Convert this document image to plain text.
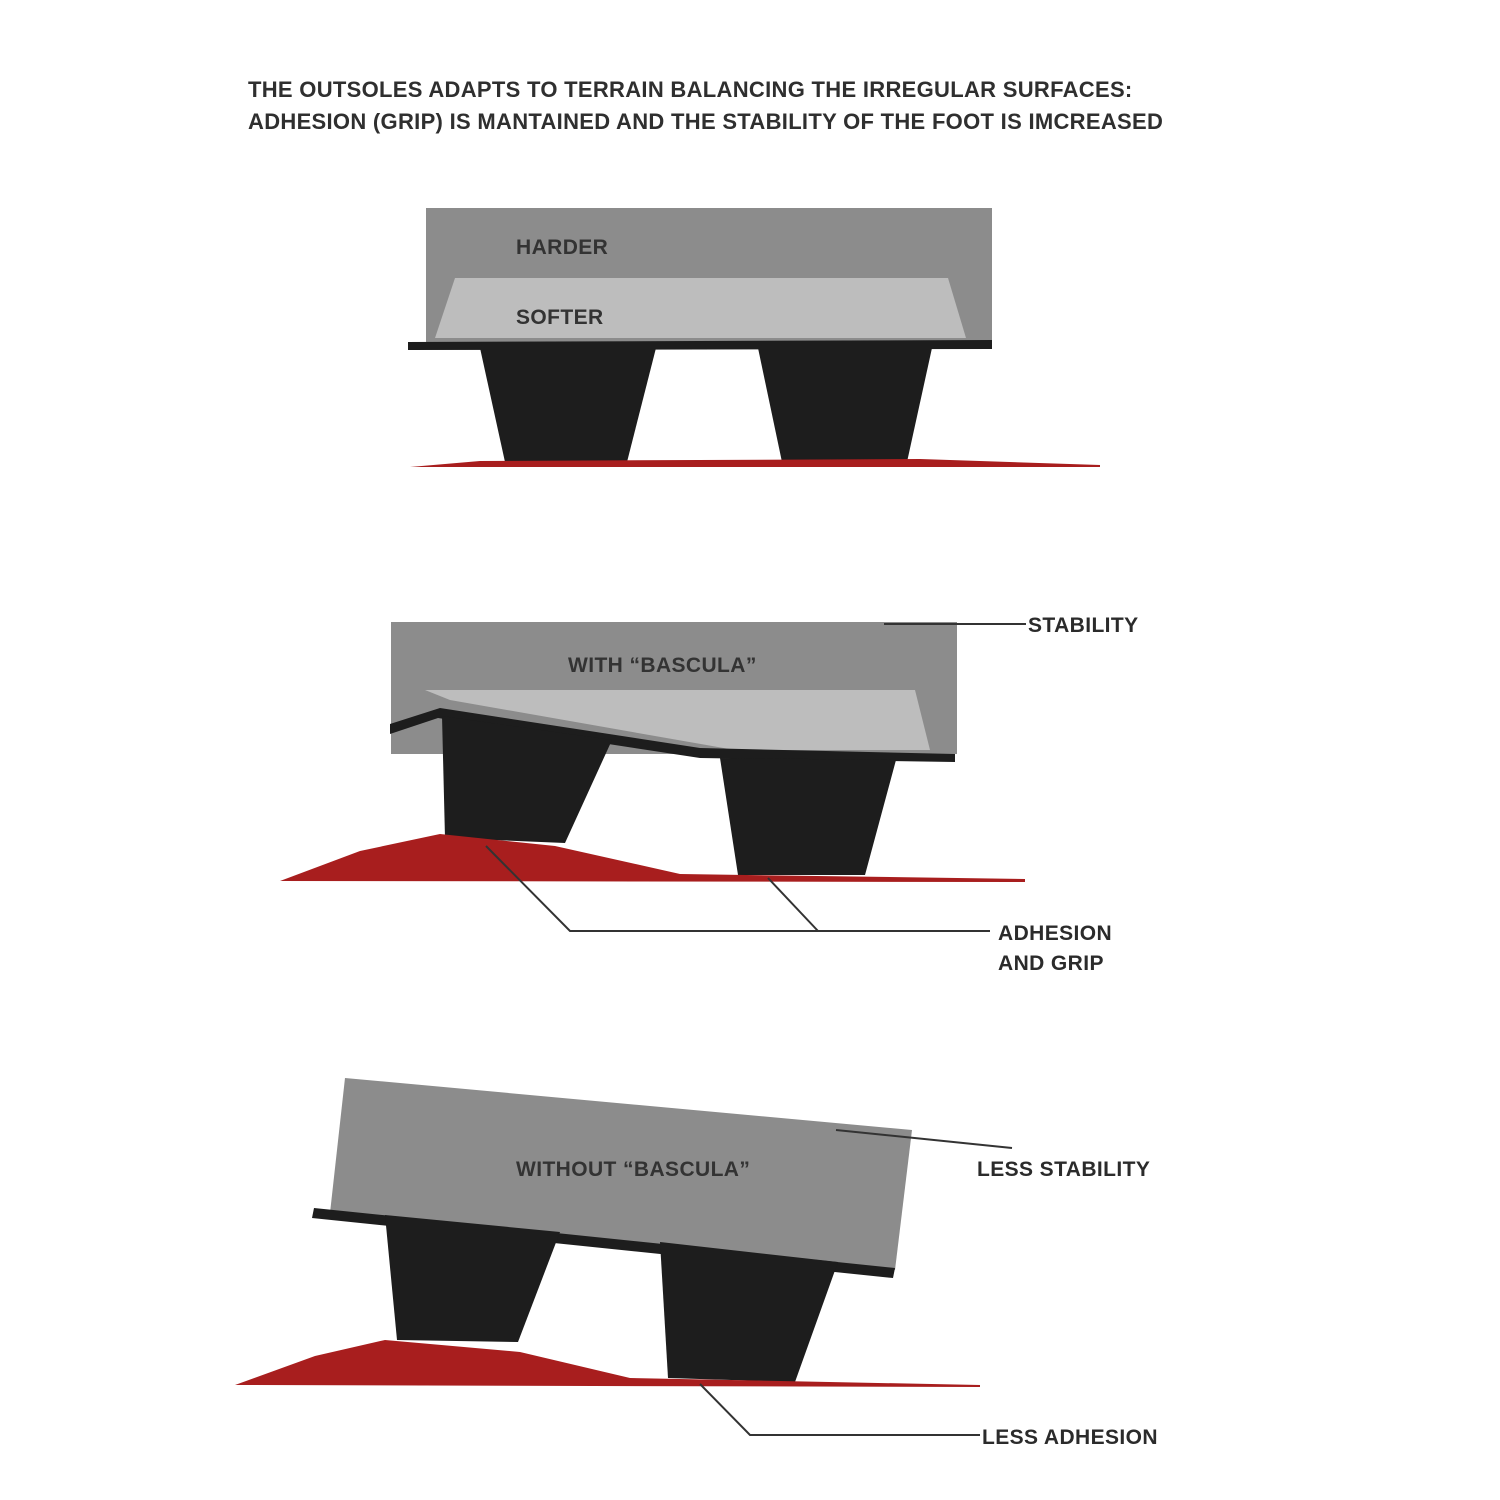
THE OUTSOLES ADAPTS TO TERRAIN BALANCING THE IRREGULAR SURFACES:
ADHESION (GRIP) IS MANTAINED AND THE STABILITY OF THE FOOT IS IMCREASED
HARDER
SOFTER
WITH “BASCULA”
STABILITY
ADHESION
AND GRIP
WITHOUT “BASCULA”	LESS STABILITY
LESS ADHESION
